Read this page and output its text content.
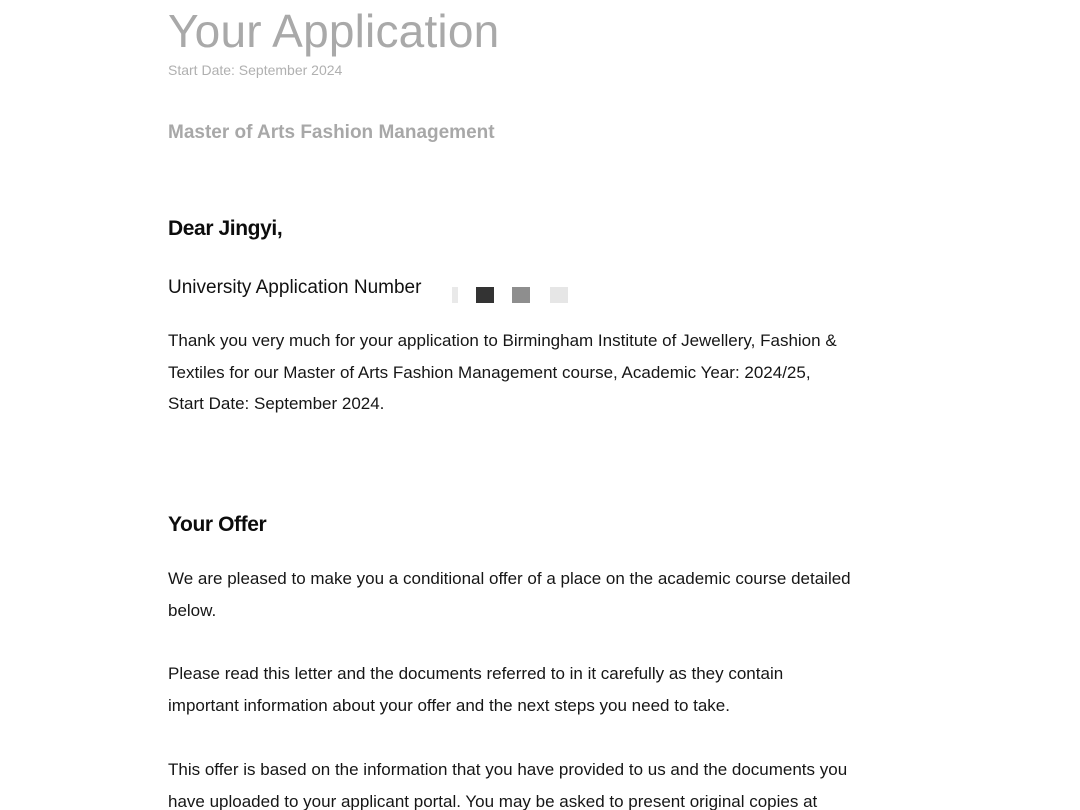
Your Application
Start Date: September 2024
Master of Arts Fashion Management
Dear Jingyi,
University Application Number

Thank you very much for your application to Birmingham Institute of Jewellery, Fashion &
Textiles for our Master of Arts Fashion Management course, Academic Year: 2024/25,
Start Date: September 2024.

Your Offer

We are pleased to make you a conditional offer of a place on the academic course detailed
below.

Please read this letter and the documents referred to in it carefully as they contain
important information about your offer and the next steps you need to take.

This offer is based on the information that you have provided to us and the documents you
have uploaded to your applicant portal. You may be asked to present original copies at
